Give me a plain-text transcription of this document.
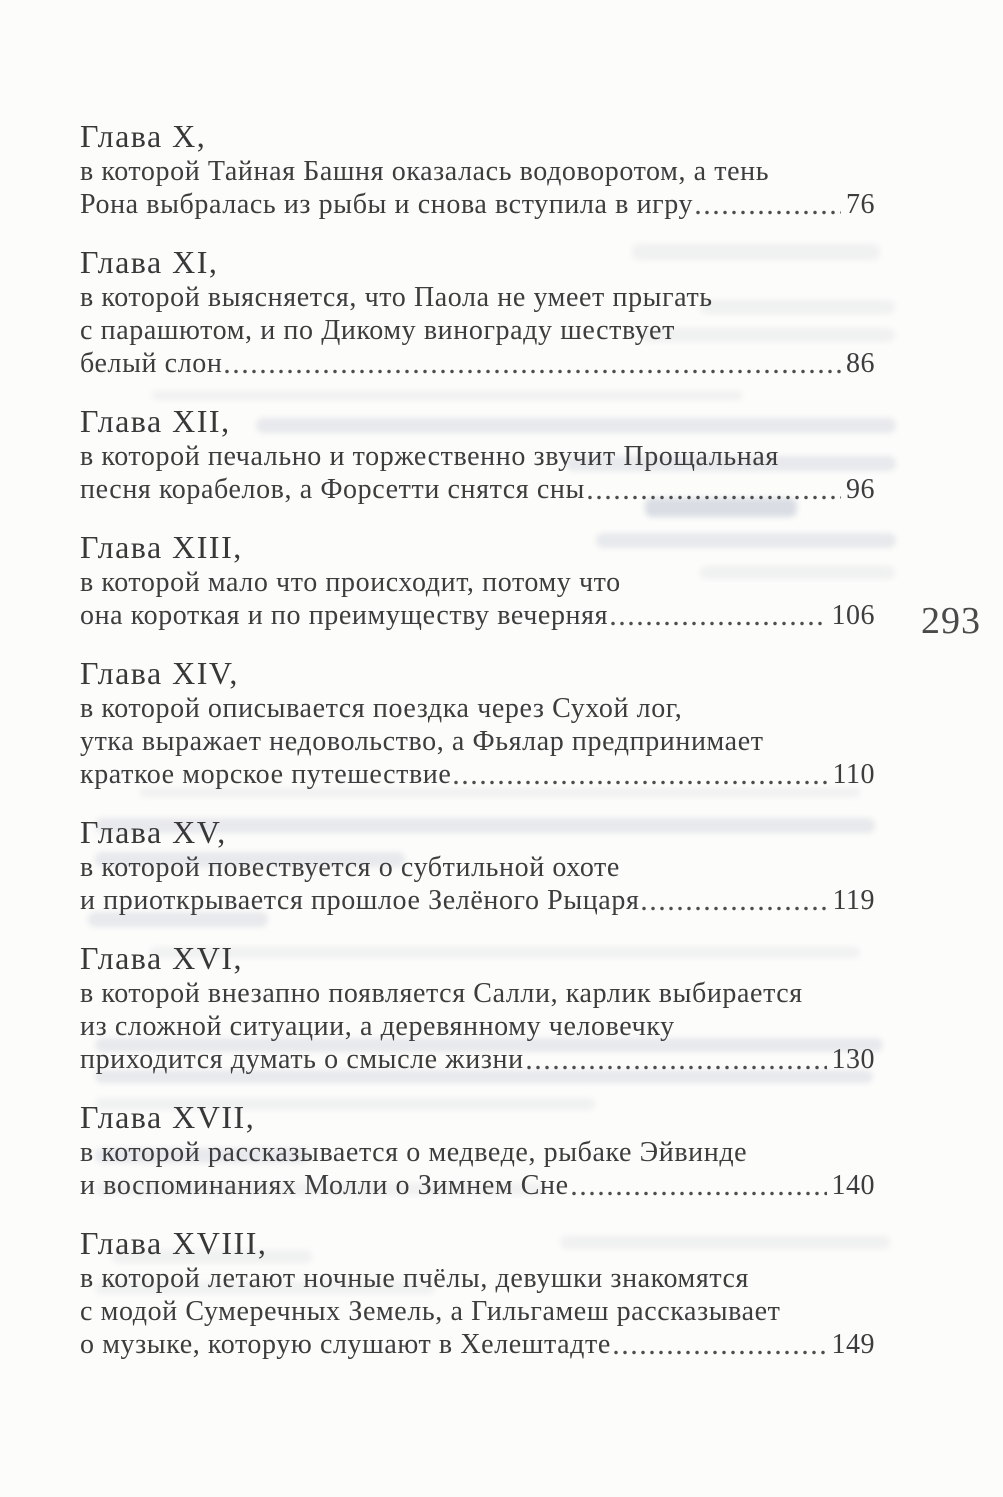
293
Глава X,
в которой Тайная Башня оказалась водоворотом, а тень
Рона выбралась из рыбы и снова вступила в игру	76
Глава XI,
в которой выясняется, что Паола не умеет прыгать
с парашютом, и по Дикому винограду шествует
белый слон	86
Глава XII,
в которой печально и торжественно звучит Прощальная
песня корабелов, а Форсетти снятся сны	96
Глава XIII,
в которой мало что происходит, потому что
она короткая и по преимуществу вечерняя	106
Глава XIV,
в которой описывается поездка через Сухой лог,
утка выражает недовольство, а Фьялар предпринимает
краткое морское путешествие	110
Глава XV,
в которой повествуется о субтильной охоте
и приоткрывается прошлое Зелёного Рыцаря	119
Глава XVI,
в которой внезапно появляется Салли, карлик выбирается
из сложной ситуации, а деревянному человечку
приходится думать о смысле жизни	130
Глава XVII,
в которой рассказывается о медведе, рыбаке Эйвинде
и воспоминаниях Молли о Зимнем Сне	140
Глава XVIII,
в которой летают ночные пчёлы, девушки знакомятся
с модой Сумеречных Земель, а Гильгамеш рассказывает
о музыке, которую слушают в Хелештадте	149
